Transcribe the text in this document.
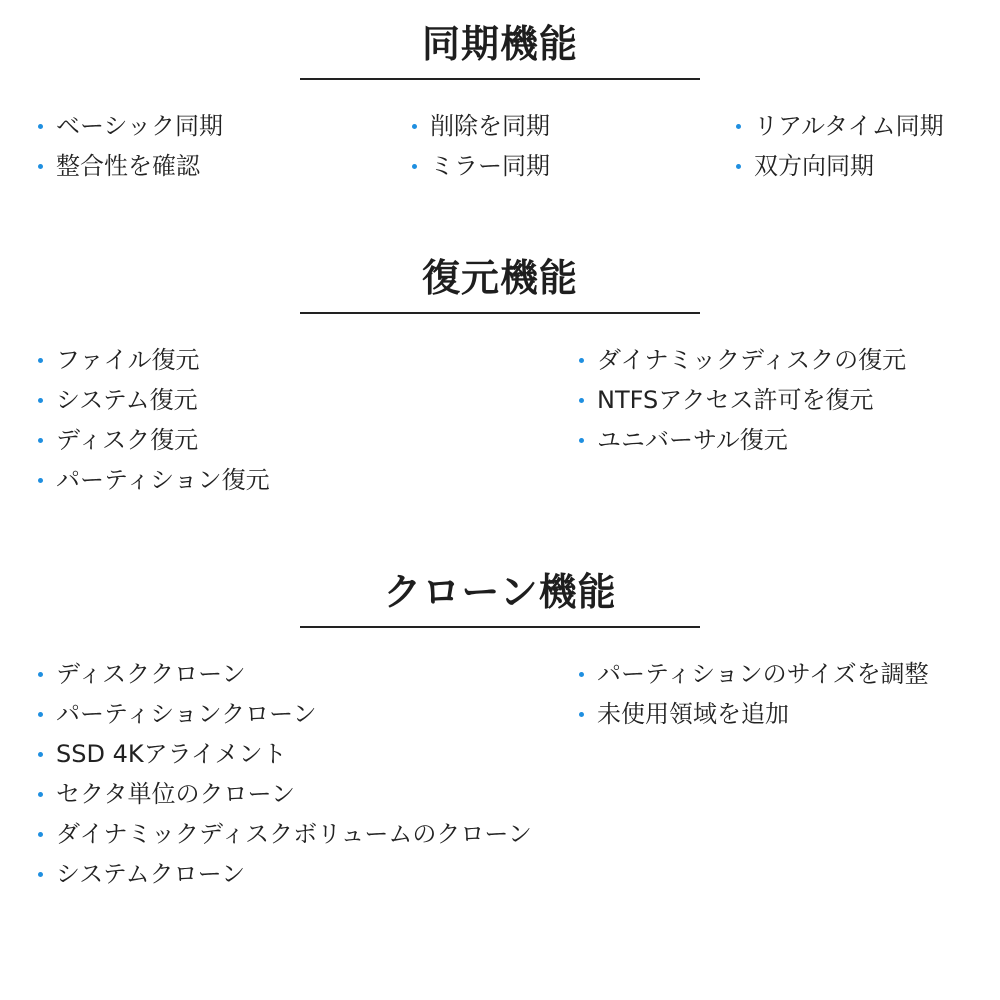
同期機能
ベーシック同期
整合性を確認
削除を同期
ミラー同期
リアルタイム同期
双方向同期
復元機能
ファイル復元
システム復元
ディスク復元
パーティション復元
ダイナミックディスクの復元
NTFSアクセス許可を復元
ユニバーサル復元
クローン機能
ディスククローン
パーティションクローン
SSD 4Kアライメント
セクタ単位のクローン
ダイナミックディスクボリュームのクローン
システムクローン
パーティションのサイズを調整
未使用領域を追加
